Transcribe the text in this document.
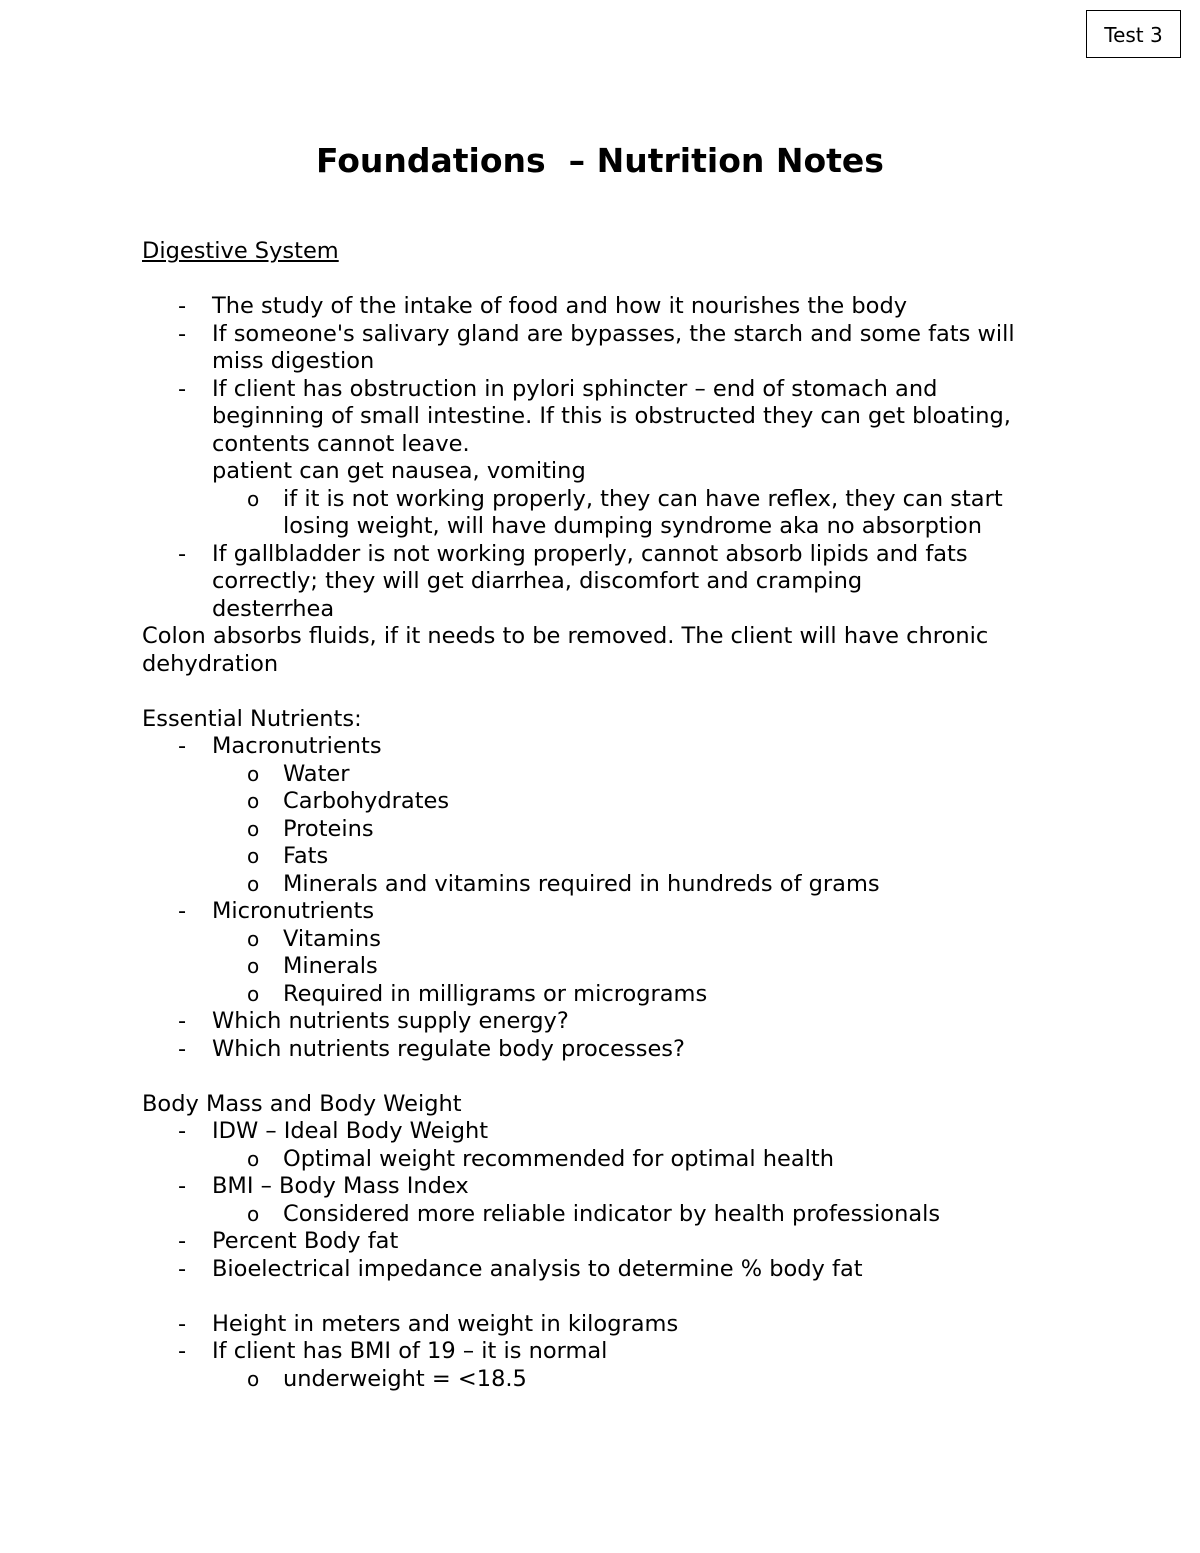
Test 3
Foundations  – Nutrition Notes

Digestive System

- The study of the intake of food and how it nourishes the body
- If someone's salivary gland are bypasses, the starch and some fats will
miss digestion
- If client has obstruction in pylori sphincter – end of stomach and
beginning of small intestine. If this is obstructed they can get bloating,
contents cannot leave.
patient can get nausea, vomiting
o if it is not working properly, they can have reflex, they can start
losing weight, will have dumping syndrome aka no absorption
- If gallbladder is not working properly, cannot absorb lipids and fats
correctly; they will get diarrhea, discomfort and cramping
desterrhea

Colon absorbs fluids, if it needs to be removed. The client will have chronic

dehydration

Essential Nutrients:

- Macronutrients
o Water
o Carbohydrates
o Proteins
o Fats
o Minerals and vitamins required in hundreds of grams
- Micronutrients
o Vitamins
o Minerals
o Required in milligrams or micrograms
- Which nutrients supply energy?
- Which nutrients regulate body processes?

Body Mass and Body Weight

- IDW – Ideal Body Weight
o Optimal weight recommended for optimal health
- BMI – Body Mass Index
o Considered more reliable indicator by health professionals
- Percent Body fat
- Bioelectrical impedance analysis to determine % body fat
- Height in meters and weight in kilograms
- If client has BMI of 19 – it is normal
o underweight = <18.5
